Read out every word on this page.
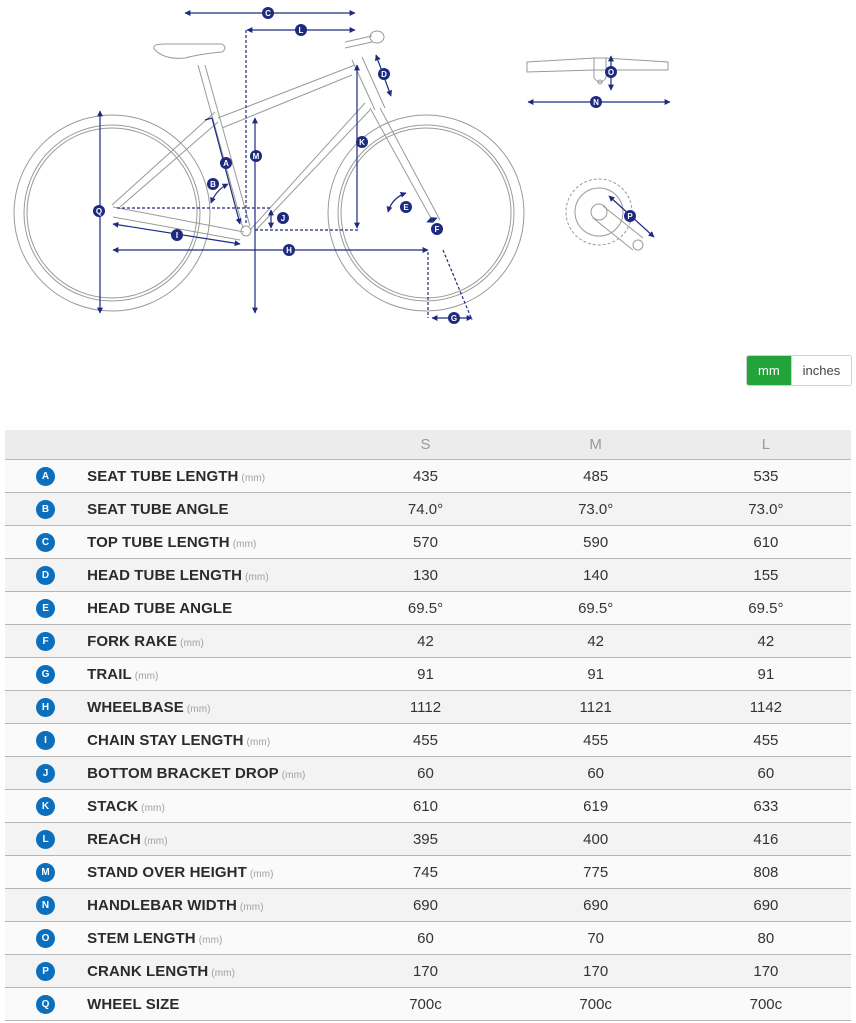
C
L
D
K
M
A
B
Q
J
I
H
E
F
G
O
N
P
mm	inches
		S	M	L
A	SEAT TUBE LENGTH (mm)	435	485	535
B	SEAT TUBE ANGLE	74.0°	73.0°	73.0°
C	TOP TUBE LENGTH (mm)	570	590	610
D	HEAD TUBE LENGTH (mm)	130	140	155
E	HEAD TUBE ANGLE	69.5°	69.5°	69.5°
F	FORK RAKE (mm)	42	42	42
G	TRAIL (mm)	91	91	91
H	WHEELBASE (mm)	1112	1121	1142
I	CHAIN STAY LENGTH (mm)	455	455	455
J	BOTTOM BRACKET DROP (mm)	60	60	60
K	STACK (mm)	610	619	633
L	REACH (mm)	395	400	416
M	STAND OVER HEIGHT (mm)	745	775	808
N	HANDLEBAR WIDTH (mm)	690	690	690
O	STEM LENGTH (mm)	60	70	80
P	CRANK LENGTH (mm)	170	170	170
Q	WHEEL SIZE	700c	700c	700c
